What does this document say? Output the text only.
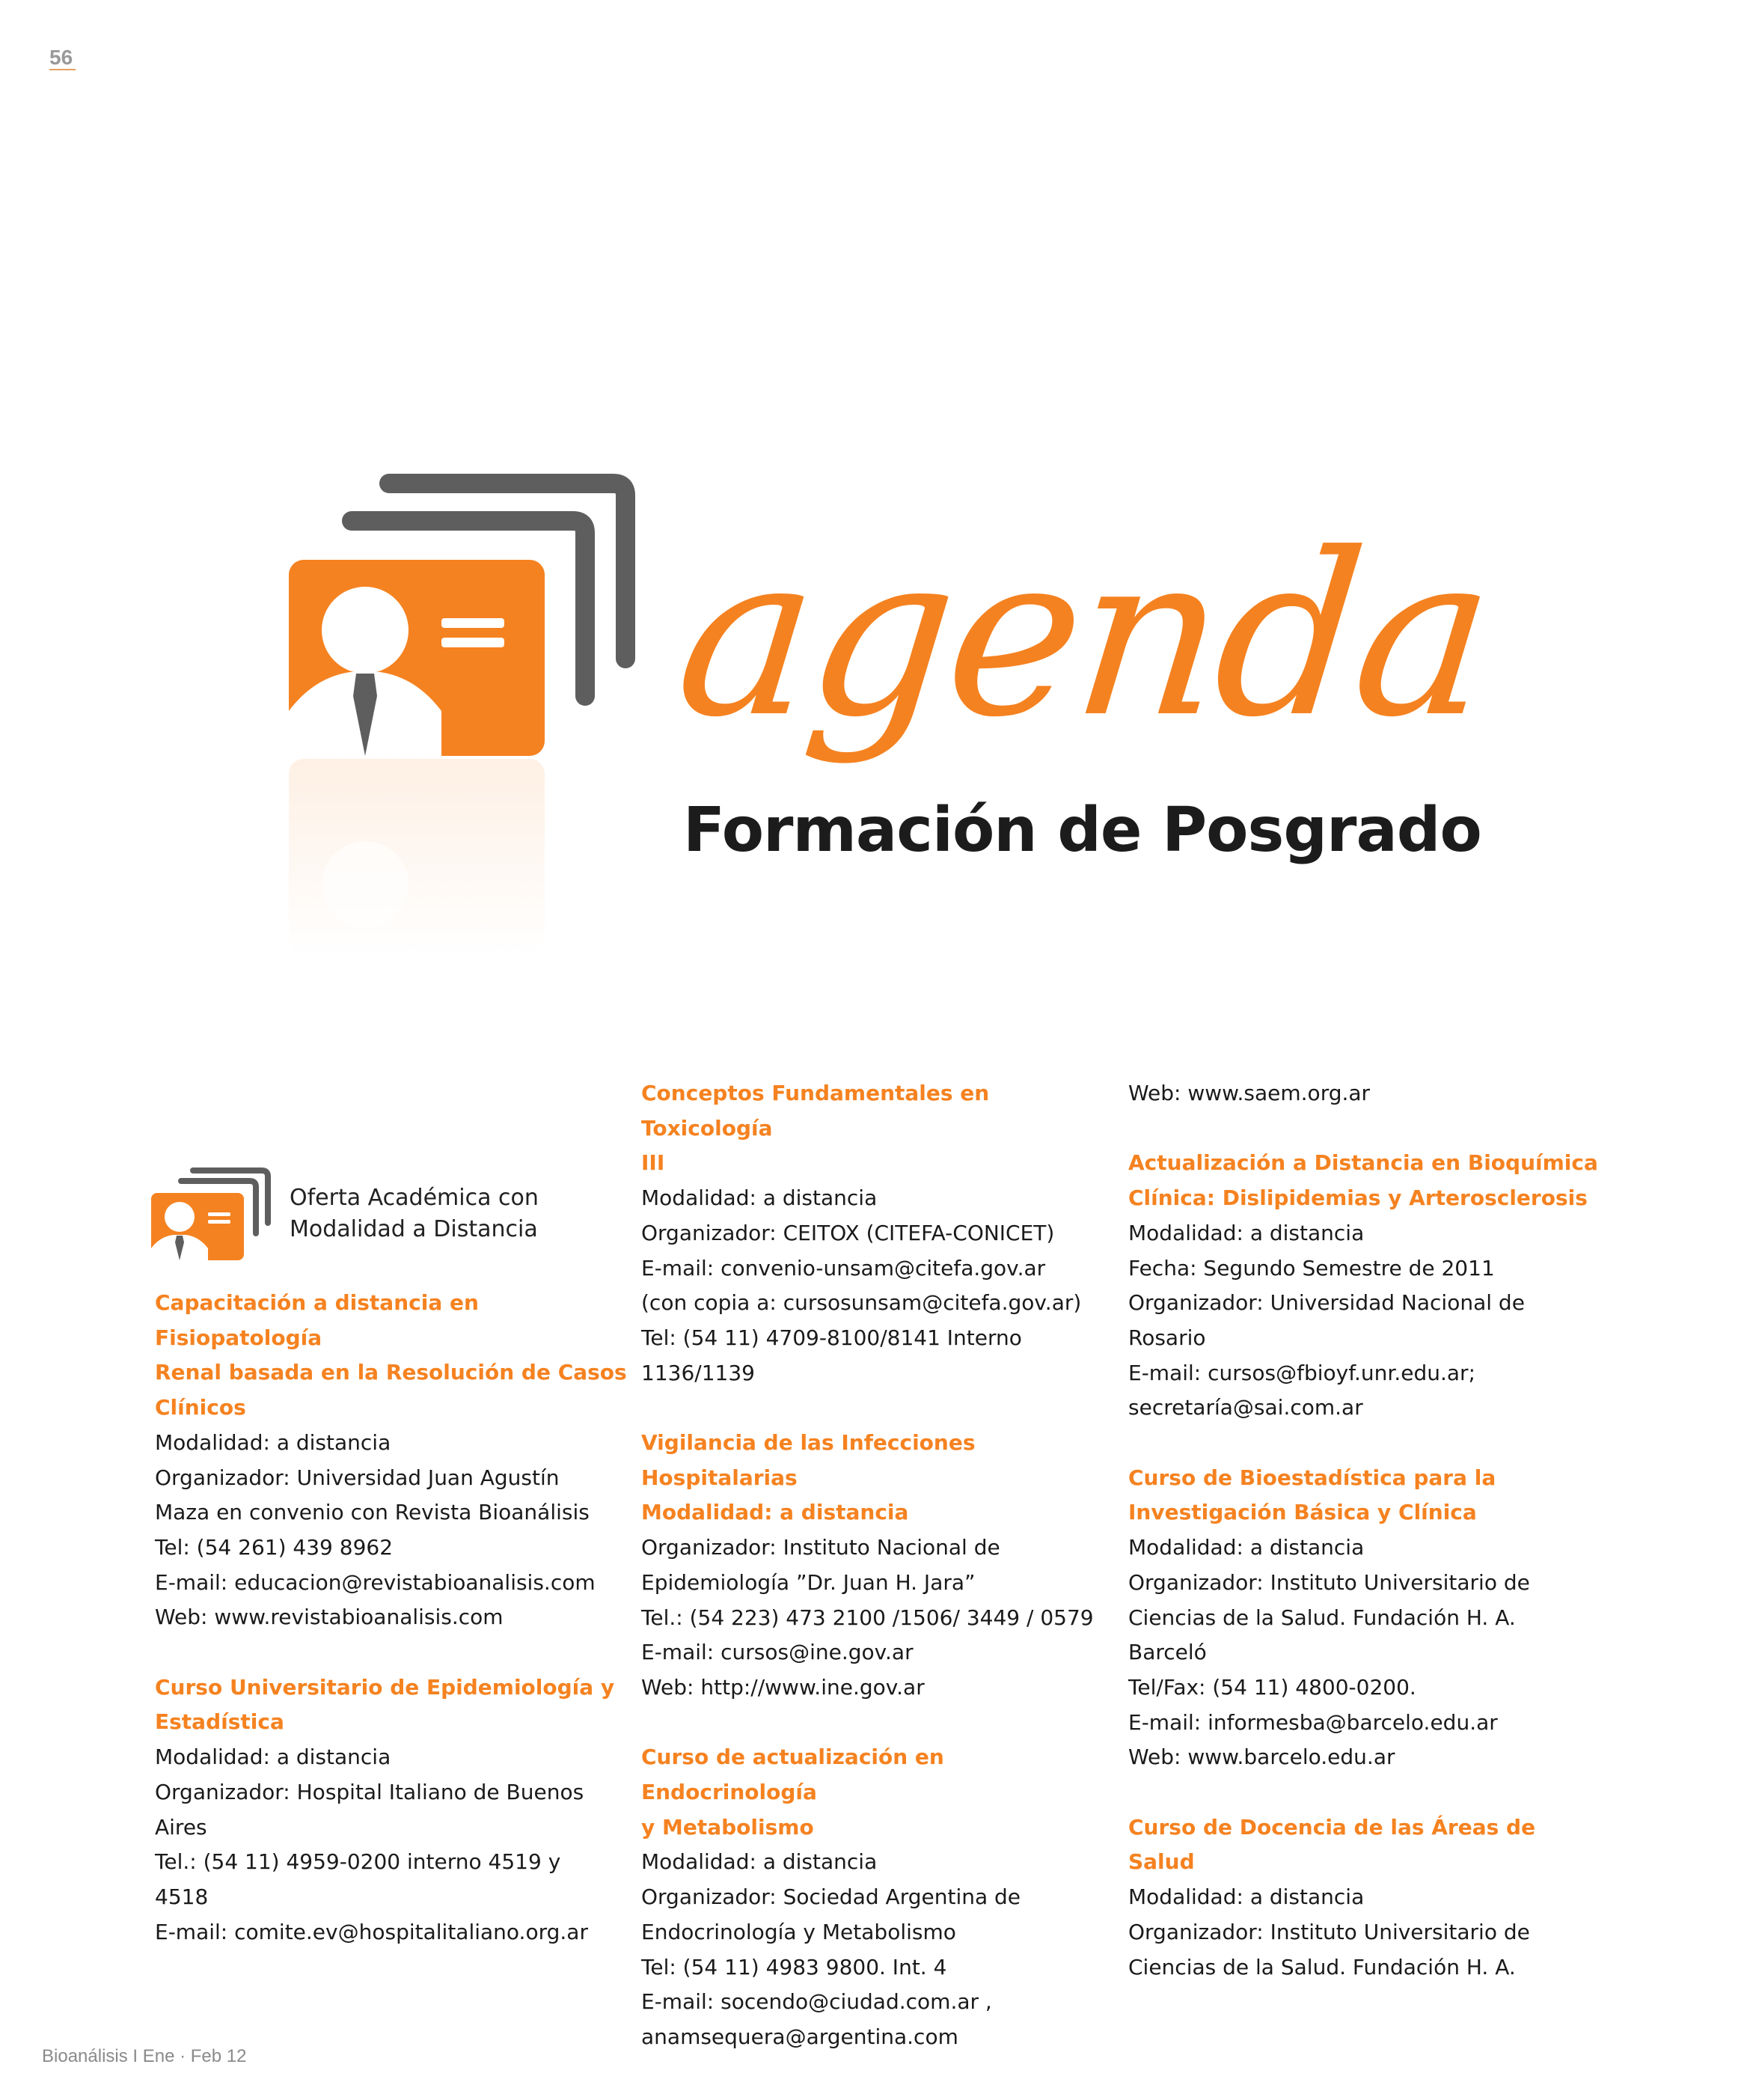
56
agenda
Formación de Posgrado
Oferta Académica con
Modalidad a Distancia

Capacitación a distancia en Fisiopatología

Renal basada en la Resolución de Casos

Clínicos

Modalidad: a distancia

Organizador: Universidad Juan Agustín

Maza en convenio con Revista Bioanálisis

Tel: (54 261) 439 8962

E-mail: educacion@revistabioanalisis.com

Web: www.revistabioanalisis.com

Curso Universitario de Epidemiología y

Estadística

Modalidad: a distancia

Organizador: Hospital Italiano de Buenos

Aires

Tel.: (54 11) 4959-0200 interno 4519 y

4518

E-mail: comite.ev@hospitalitaliano.org.ar

Conceptos Fundamentales en Toxicología

III

Modalidad: a distancia

Organizador: CEITOX (CITEFA-CONICET)

E-mail: convenio-unsam@citefa.gov.ar

(con copia a: cursosunsam@citefa.gov.ar)

Tel: (54 11) 4709-8100/8141 Interno

1136/1139

Vigilancia de las Infecciones Hospitalarias

Modalidad: a distancia

Organizador: Instituto Nacional de

Epidemiología ”Dr. Juan H. Jara”

Tel.: (54 223) 473 2100 /1506/ 3449 / 0579

E-mail: cursos@ine.gov.ar

Web: http://www.ine.gov.ar

Curso de actualización en Endocrinología

y Metabolismo

Modalidad: a distancia

Organizador: Sociedad Argentina de

Endocrinología y Metabolismo

Tel: (54 11) 4983 9800. Int. 4

E-mail: socendo@ciudad.com.ar ,

anamsequera@argentina.com

Web: www.saem.org.ar

Actualización a Distancia en Bioquímica

Clínica: Dislipidemias y Arterosclerosis

Modalidad: a distancia

Fecha: Segundo Semestre de 2011

Organizador: Universidad Nacional de

Rosario

E-mail: cursos@fbioyf.unr.edu.ar;

secretaría@sai.com.ar

Curso de Bioestadística para la

Investigación Básica y Clínica

Modalidad: a distancia

Organizador: Instituto Universitario de

Ciencias de la Salud. Fundación H. A.

Barceló

Tel/Fax: (54 11) 4800-0200.

E-mail: informesba@barcelo.edu.ar

Web: www.barcelo.edu.ar

Curso de Docencia de las Áreas de Salud

Modalidad: a distancia

Organizador: Instituto Universitario de

Ciencias de la Salud. Fundación H. A.

Bioanálisis I Ene · Feb 12
